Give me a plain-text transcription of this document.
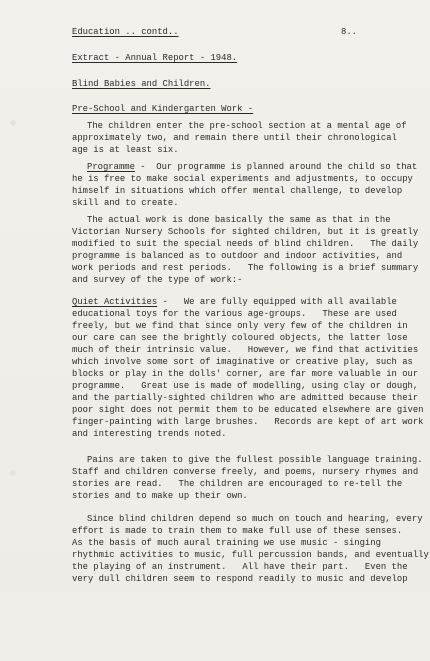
Education .. contd..

	8..

Extract - Annual Report - 1948.

Blind Babies and Children.

Pre-School and Kindergarten Work -

The children enter the pre-school section at a mental age of

approximately two, and remain there until their chronological

age is at least six.

Programme -  Our programme is planned around the child so that

he is free to make social experiments and adjustments, to occupy

himself in situations which offer mental challenge, to develop

skill and to create.

The actual work is done basically the same as that in the

Victorian Nursery Schools for sighted children, but it is greatly

modified to suit the special needs of blind children.   The daily

programme is balanced as to outdoor and indoor activities, and

work periods and rest periods.   The following is a brief summary

and survey of the type of work:-

Quiet Activities -   We are fully equipped with all available

educational toys for the various age-groups.   These are used

freely, but we find that since only very few of the children in

our care can see the brightly coloured objects, the latter lose

much of their intrinsic value.   However, we find that activities

which involve some sort of imaginative or creative play, such as

blocks or play in the dolls' corner, are far more valuable in our

programme.   Great use is made of modelling, using clay or dough,

and the partially-sighted children who are admitted because their

poor sight does not permit them to be educated elsewhere are given

finger-painting with large brushes.   Records are kept of art work

and interesting trends noted.

Pains are taken to give the fullest possible language training.

Staff and children converse freely, and poems, nursery rhymes and

stories are read.   The children are encouraged to re-tell the

stories and to make up their own.

Since blind children depend so much on touch and hearing, every

effort is made to train them to make full use of these senses.

As the basis of much aural training we use music - singing

rhythmic activities to music, full percussion bands, and eventually

the playing of an instrument.   All have their part.   Even the

very dull children seem to respond readily to music and develop
